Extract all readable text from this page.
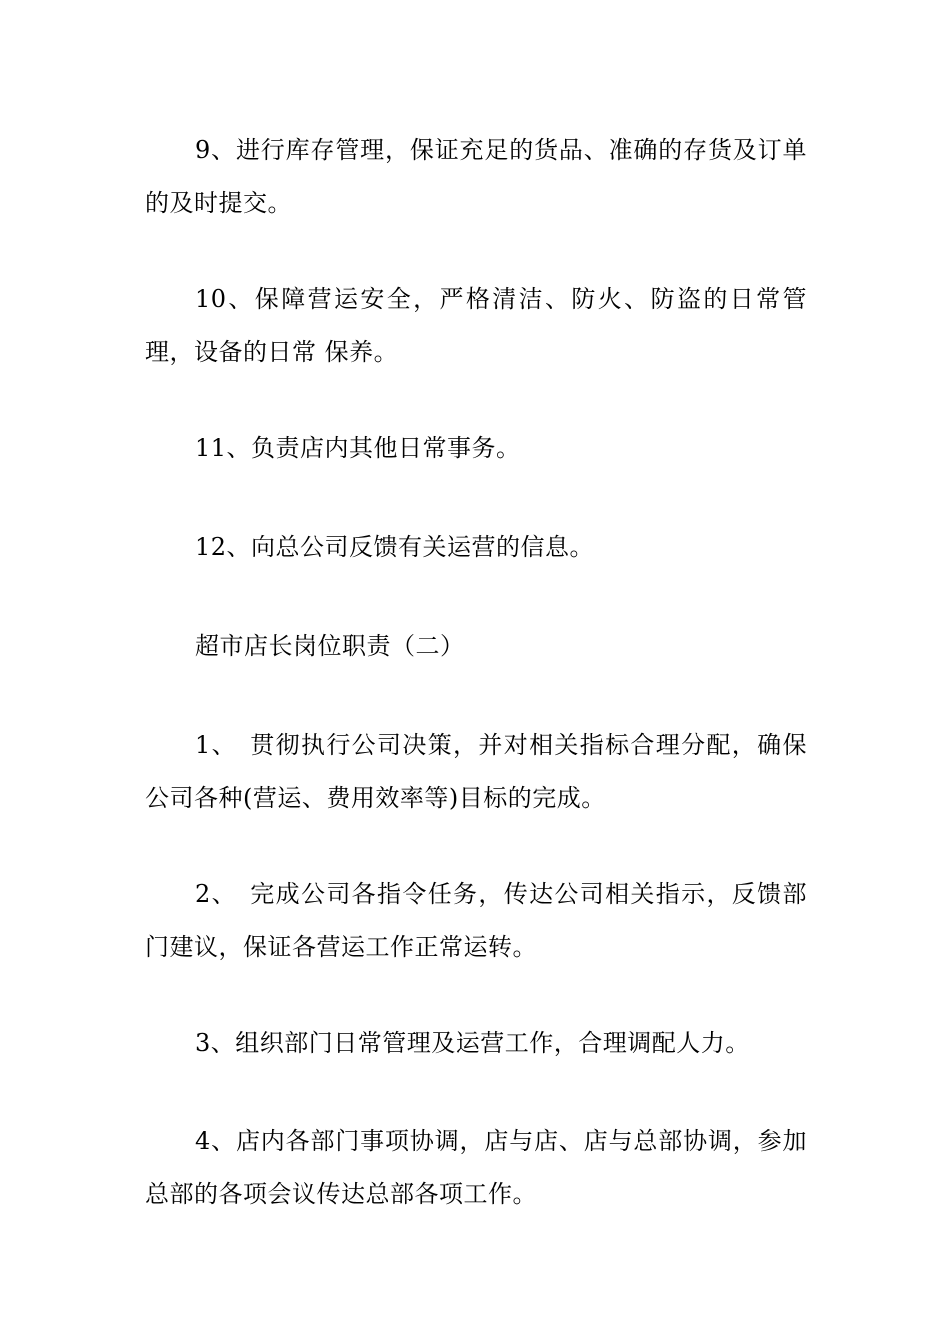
9、进行库存管理，保证充足的货品、准确的存货及订单的及时提交。

10、保障营运安全，严格清洁、防火、防盗的日常管理，设备的日常 保养。

11、负责店内其他日常事务。

12、向总公司反馈有关运营的信息。

超市店长岗位职责（二）

1、　贯彻执行公司决策，并对相关指标合理分配，确保公司各种(营运、费用效率等)目标的完成。

2、　完成公司各指令任务，传达公司相关指示，反馈部门建议，保证各营运工作正常运转。

3、组织部门日常管理及运营工作，合理调配人力。

4、店内各部门事项协调，店与店、店与总部协调，参加总部的各项会议传达总部各项工作。
